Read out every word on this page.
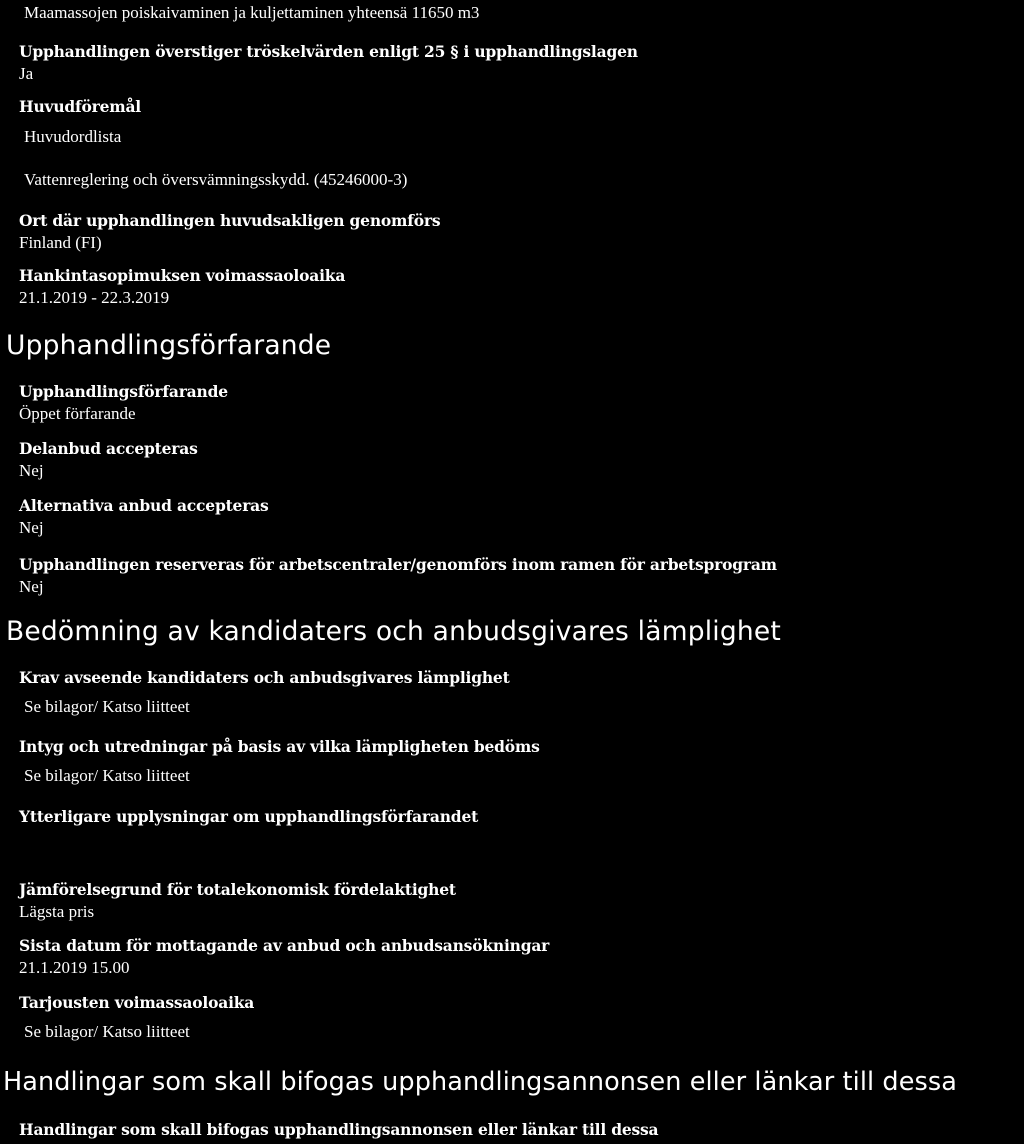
Maamassojen poiskaivaminen ja kuljettaminen yhteensä 11650 m3
Upphandlingen överstiger tröskelvärden enligt 25 § i upphandlingslagen
Ja
Huvudföremål
Huvudordlista
Vattenreglering och översvämningsskydd. (45246000-3)
Ort där upphandlingen huvudsakligen genomförs
Finland (FI)
Hankintasopimuksen voimassaoloaika
21.1.2019 - 22.3.2019
Upphandlingsförfarande
Upphandlingsförfarande
Öppet förfarande
Delanbud accepteras
Nej
Alternativa anbud accepteras
Nej
Upphandlingen reserveras för arbetscentraler/genomförs inom ramen för arbetsprogram
Nej
Bedömning av kandidaters och anbudsgivares lämplighet
Krav avseende kandidaters och anbudsgivares lämplighet
Se bilagor/ Katso liitteet
Intyg och utredningar på basis av vilka lämpligheten bedöms
Se bilagor/ Katso liitteet
Ytterligare upplysningar om upphandlingsförfarandet
Jämförelsegrund för totalekonomisk fördelaktighet
Lägsta pris
Sista datum för mottagande av anbud och anbudsansökningar
21.1.2019 15.00
Tarjousten voimassaoloaika
Se bilagor/ Katso liitteet
Handlingar som skall bifogas upphandlingsannonsen eller länkar till dessa
Handlingar som skall bifogas upphandlingsannonsen eller länkar till dessa
